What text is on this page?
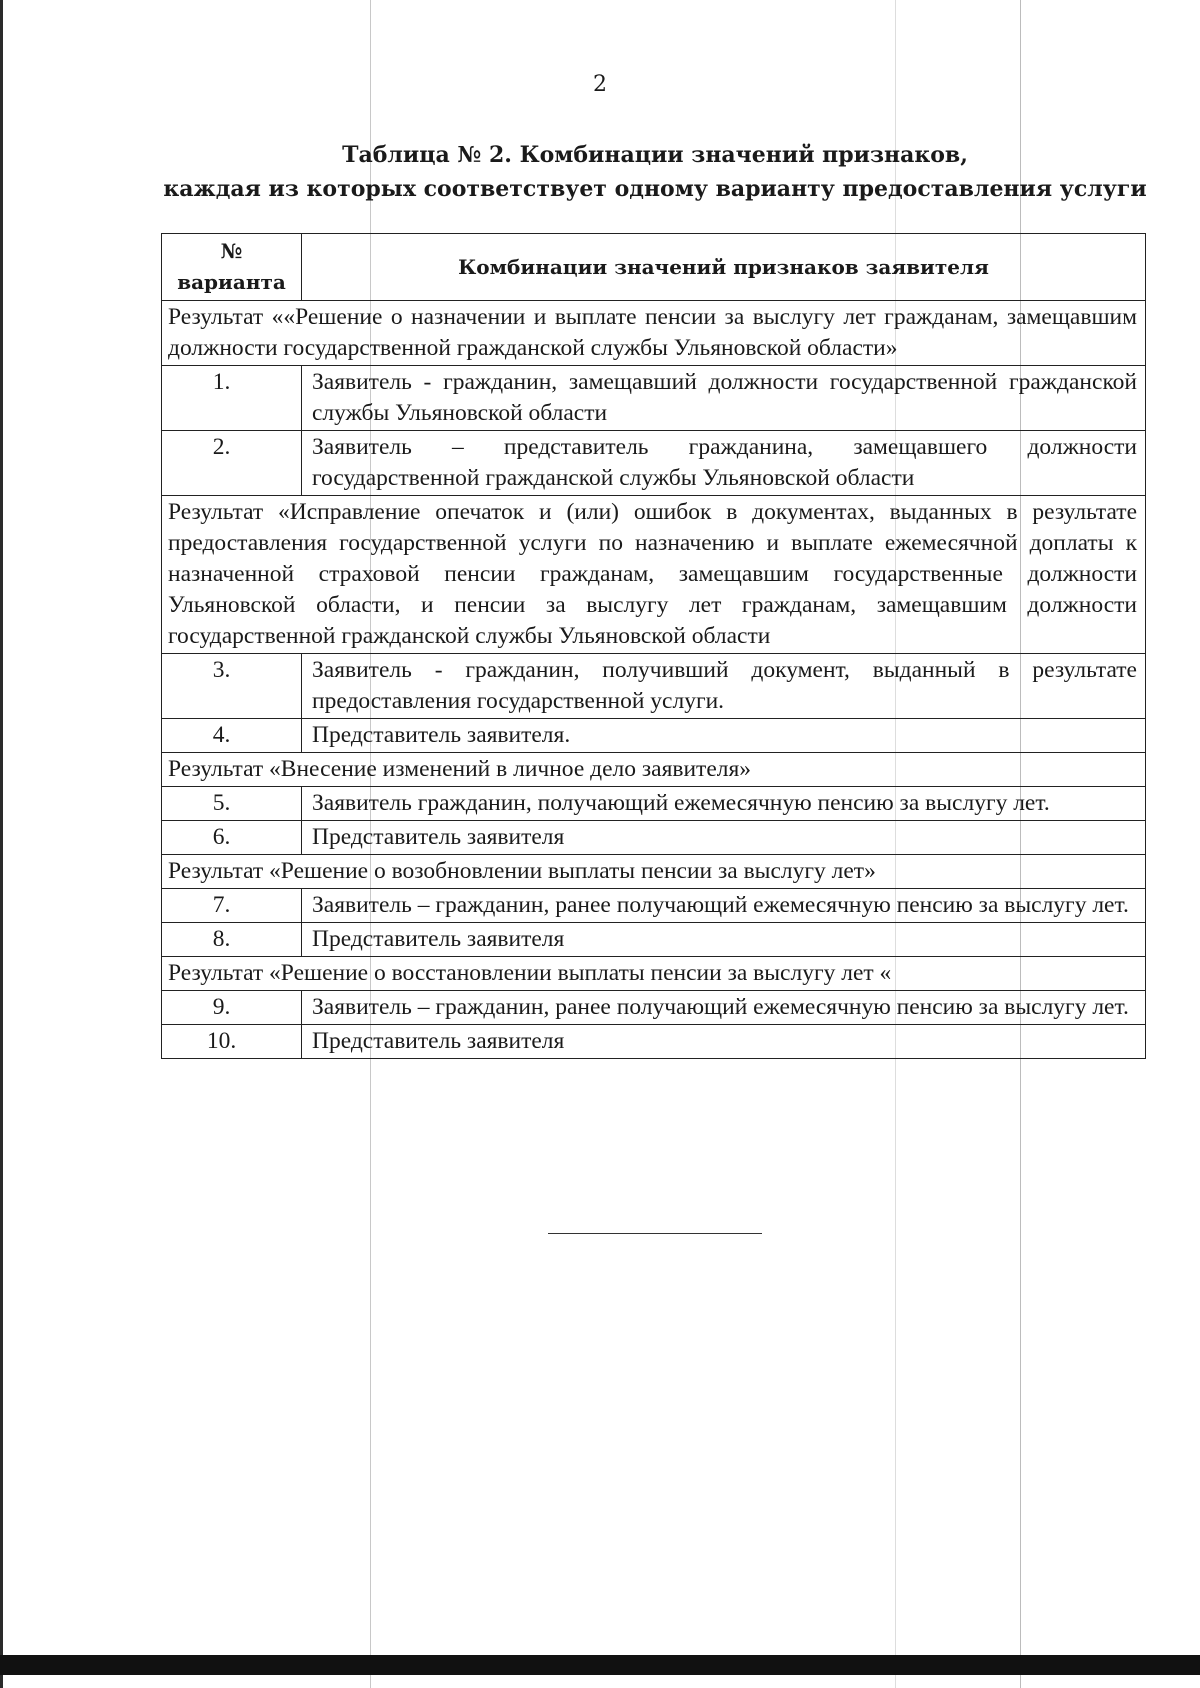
2
Таблица № 2. Комбинации значений признаков,
каждая из которых соответствует одному варианту предоставления услуги
№
варианта	Комбинации значений признаков заявителя
Результат ««Решение о назначении и выплате пенсии за выслугу лет гражданам, замещавшим должности государственной гражданской службы Ульяновской области»	
1.	Заявитель - гражданин, замещавший должности государственной гражданской службы Ульяновской области
2.	Заявитель – представитель гражданина, замещавшего должности государственной гражданской службы Ульяновской области
Результат «Исправление опечаток и (или) ошибок в документах, выданных в результате предоставления государственной услуги по назначению и выплате ежемесячной доплаты к назначенной страховой пенсии гражданам, замещавшим государственные должности Ульяновской области, и пенсии за выслугу лет гражданам, замещавшим должности государственной гражданской службы Ульяновской области	
3.	Заявитель - гражданин, получивший документ, выданный в результате предоставления государственной услуги.
4.	Представитель заявителя.
Результат «Внесение изменений в личное дело заявителя»	
5.	Заявитель гражданин, получающий ежемесячную пенсию за выслугу лет.
6.	Представитель заявителя
Результат «Решение о возобновлении выплаты пенсии за выслугу лет»	
7.	Заявитель – гражданин, ранее получающий ежемесячную пенсию за выслугу лет.
8.	Представитель заявителя
Результат «Решение о восстановлении выплаты пенсии за выслугу лет «	
9.	Заявитель – гражданин, ранее получающий ежемесячную пенсию за выслугу лет.
10.	Представитель заявителя
